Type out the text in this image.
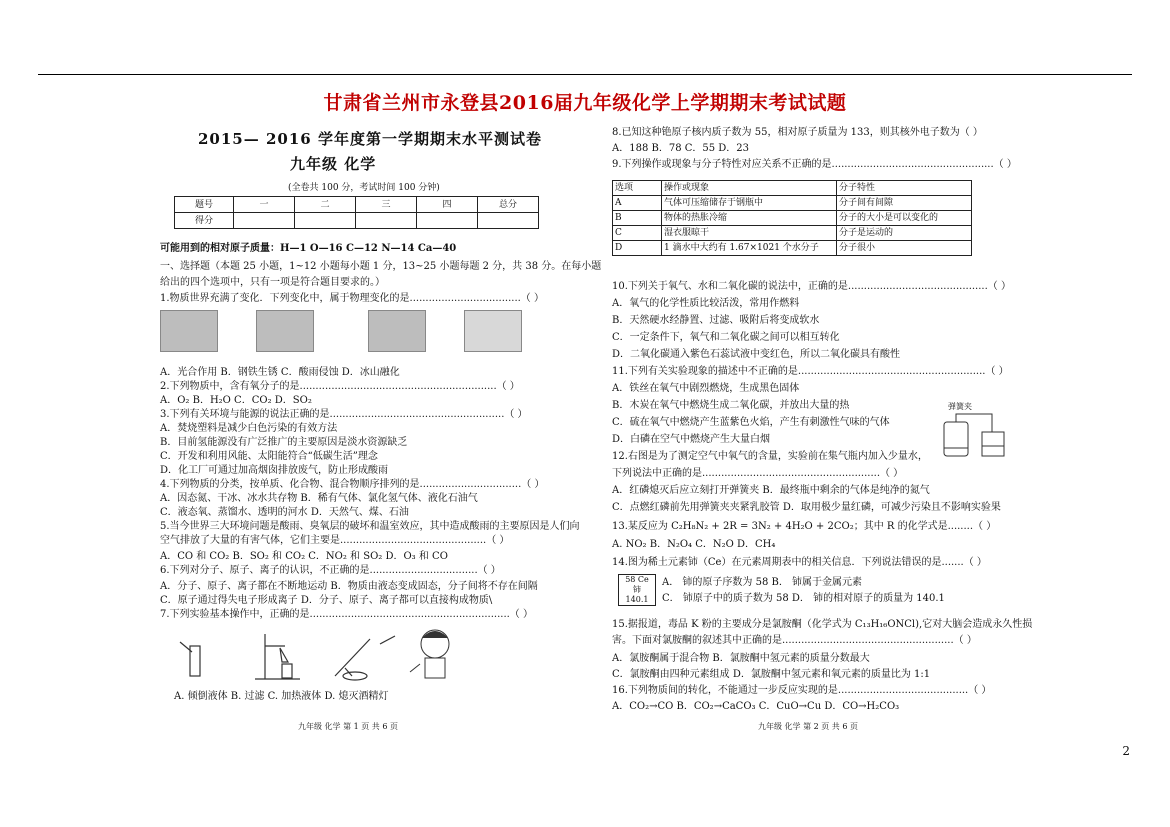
甘肃省兰州市永登县2016届九年级化学上学期期末考试试题
2015— 2016 学年度第一学期期末水平测试卷
九年级 化学
(全卷共 100 分，考试时间 100 分钟)
题号	一	二	三	四	总分
得分					
可能用到的相对原子质量：H—1 O—16 C—12 N—14 Ca—40
一、选择题（本题 25 小题，1~12 小题每小题 1 分，13~25 小题每题 2 分，共 38 分。在每小题
给出的四个选项中，只有一项是符合题目要求的。）
1.物质世界充满了变化．下列变化中，属于物理变化的是...................................（ ）
A．光合作用 B．钢铁生锈 C．酸雨侵蚀 D．冰山融化
2.下列物质中，含有氧分子的是..............................................................（ ）
A．O₂ B．H₂O C．CO₂ D．SO₂
3.下列有关环境与能源的说法正确的是.......................................................（ ）
A．焚烧塑料是减少白色污染的有效方法
B．目前氢能源没有广泛推广的主要原因是淡水资源缺乏
C．开发和利用风能、太阳能符合“低碳生活”理念
D．化工厂可通过加高烟囱排放废气，防止形成酸雨
4.下列物质的分类，按单质、化合物、混合物顺序排列的是................................（ ）
A．因态氮、干冰、冰水共存物 B．稀有气体、氯化氢气体、液化石油气
C．液态氧、蒸馏水、透明的河水 D．天然气、煤、石油
5.当今世界三大环境问题是酸雨、臭氧层的破坏和温室效应，其中造成酸雨的主要原因是人们向
空气排放了大量的有害气体，它们主要是..............................................（ ）
A．CO 和 CO₂ B．SO₂ 和 CO₂ C．NO₂ 和 SO₂ D．O₃ 和 CO
6.下列对分子、原子、离子的认识，不正确的是..................................（ ）
A．分子、原子、离子都在不断地运动 B．物质由液态变成固态，分子间将不存在间隔
C．原子通过得失电子形成离子 D．分子、原子、离子都可以直接构成物质\
7.下列实验基本操作中，正确的是...............................................................（ ）
A. 倾倒液体 B. 过滤 C. 加热液体 D. 熄灭酒精灯
九年级 化学 第 1 页 共 6 页
8.已知这种铯原子核内质子数为 55，相对原子质量为 133，则其核外电子数为（ ）
A．188 B．78 C．55 D．23
9.下列操作或现象与分子特性对应关系不正确的是...................................................（ ）
选项	操作或现象	分子特性
A	气体可压缩储存于钢瓶中	分子间有间隙
B	物体的热胀冷缩	分子的大小是可以变化的
C	湿衣服晾干	分子是运动的
D	1 滴水中大约有 1.67×1021 个水分子	分子很小
10.下列关于氧气、水和二氧化碳的说法中，正确的是............................................（ ）
A．氧气的化学性质比较活泼，常用作燃料
B．天然硬水经静置、过滤、吸附后将变成软水
C．一定条件下，氧气和二氧化碳之间可以相互转化
D．二氧化碳通入紫色石蕊试液中变红色，所以二氧化碳具有酸性
11.下列有关实验现象的描述中不正确的是...........................................................（ ）
A．铁丝在氧气中剧烈燃烧，生成黑色固体
B．木炭在氧气中燃烧生成二氧化碳，并放出大量的热
C．硫在氧气中燃烧产生蓝紫色火焰，产生有刺激性气味的气体
D．白磷在空气中燃烧产生大量白烟
12.右图是为了测定空气中氧气的含量，实验前在集气瓶内加入少量水，
下列说法中正确的是........................................................（ ）
弹簧夹
A．红磷熄灭后应立刻打开弹簧夹 B．最终瓶中剩余的气体是纯净的氮气
C．点燃红磷前先用弹簧夹夹紧乳胶管 D．取用极少量红磷，可减少污染且不影响实验果
13.某反应为 C₂H₈N₂ + 2R = 3N₂ + 4H₂O + 2CO₂；其中 R 的化学式是........（ ）
A. NO₂ B．N₂O₄ C．N₂O D．CH₄
14.图为稀土元素铈（Ce）在元素周期表中的相关信息．下列说法错误的是.......（ ）
58 Ce
铈
140.1
A． 铈的原子序数为 58 B． 铈属于金属元素
C． 铈原子中的质子数为 58 D． 铈的相对原子的质量为 140.1
15.据报道，毒品 K 粉的主要成分是氯胺酮（化学式为 C₁₃H₁₆ONCl),它对大脑会造成永久性损
害。下面对氯胺酮的叙述其中正确的是......................................................（ ）
A．氯胺酮属于混合物 B．氯胺酮中氢元素的质量分数最大
C．氯胺酮由四种元素组成 D．氯胺酮中氢元素和氧元素的质量比为 1:1
16.下列物质间的转化，不能通过一步反应实现的是.........................................（ ）
A．CO₂→CO B．CO₂→CaCO₃ C．CuO→Cu D．CO→H₂CO₃
九年级 化学 第 2 页 共 6 页
2
